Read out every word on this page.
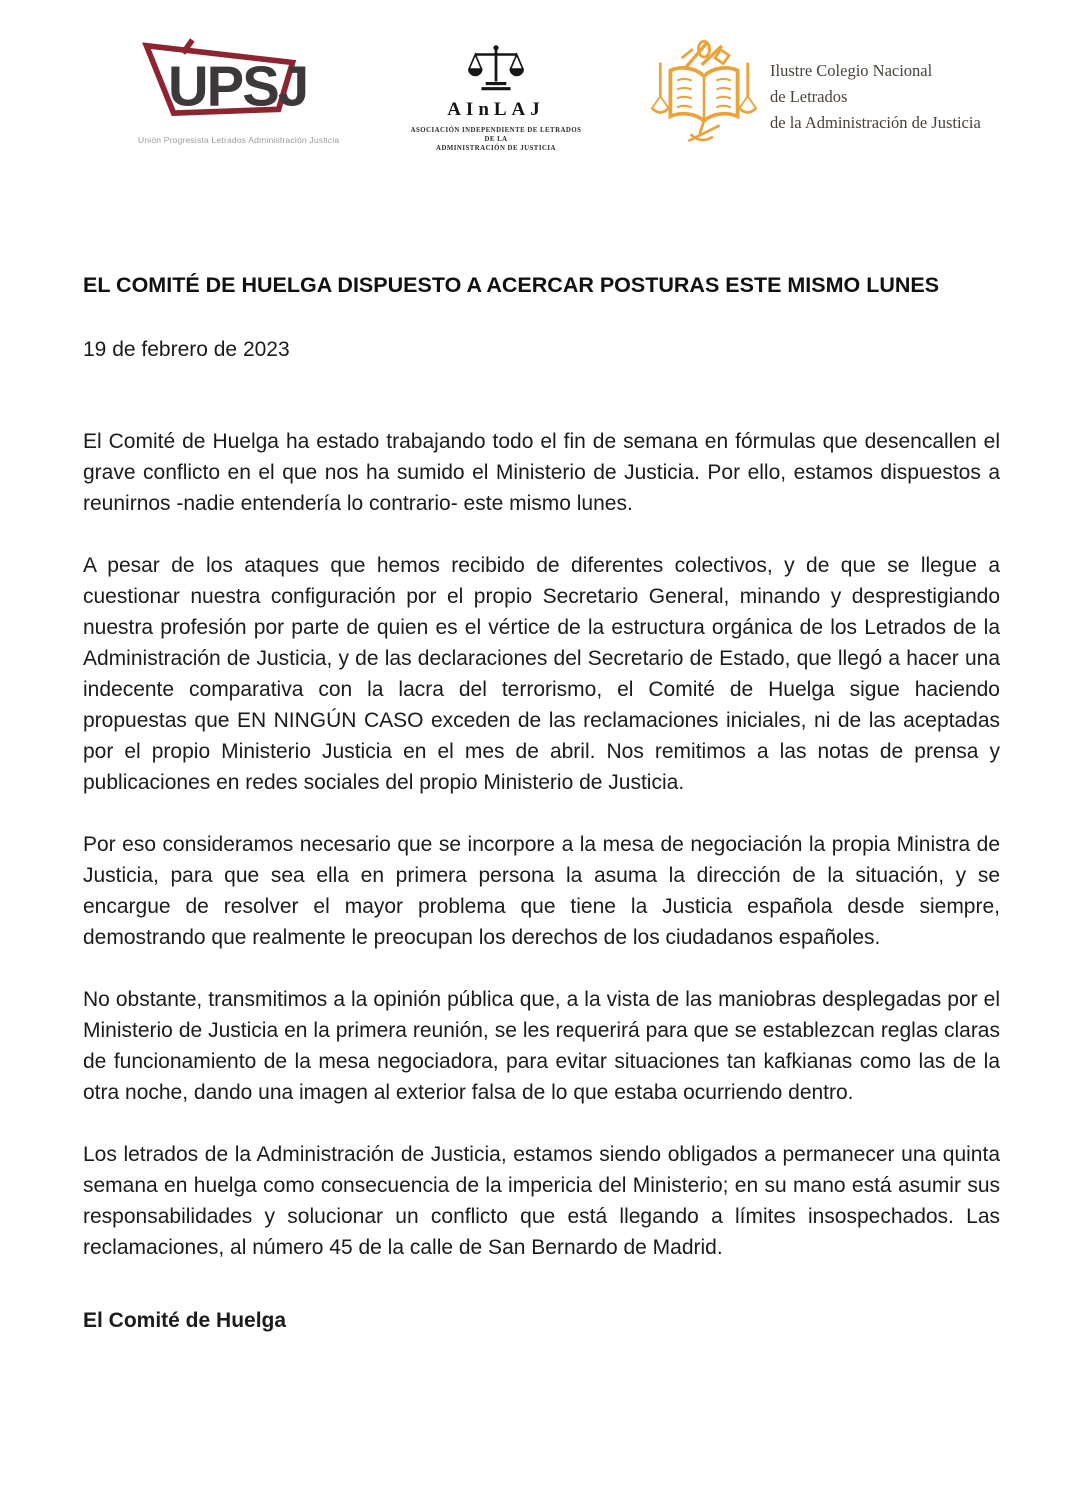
UPSJ
Unión Progresista Letrados Administración Justicia
AInLAJ
ASOCIACIÓN INDEPENDIENTE DE LETRADOS DE LA
ADMINISTRACIÓN DE JUSTICIA
Ilustre Colegio Nacional
de Letrados
de la Administración de Justicia
EL COMITÉ DE HUELGA DISPUESTO A ACERCAR POSTURAS ESTE MISMO LUNES

19 de febrero de 2023

El Comité de Huelga ha estado trabajando todo el fin de semana en fórmulas que desencallen el grave conflicto en el que nos ha sumido el Ministerio de Justicia. Por ello, estamos dispuestos a reunirnos -nadie entendería lo contrario- este mismo lunes.

A pesar de los ataques que hemos recibido de diferentes colectivos, y de que se llegue a cuestionar nuestra configuración por el propio Secretario General, minando y desprestigiando nuestra profesión por parte de quien es el vértice de la estructura orgánica de los Letrados de la Administración de Justicia, y de las declaraciones del Secretario de Estado, que llegó a hacer una indecente comparativa con la lacra del terrorismo, el Comité de Huelga sigue haciendo propuestas que EN NINGÚN CASO exceden de las reclamaciones iniciales, ni de las aceptadas por el propio Ministerio Justicia en el mes de abril. Nos remitimos a las notas de prensa y publicaciones en redes sociales del propio Ministerio de Justicia.

Por eso consideramos necesario que se incorpore a la mesa de negociación la propia Ministra de Justicia, para que sea ella en primera persona la asuma la dirección de la situación, y se encargue de resolver el mayor problema que tiene la Justicia española desde siempre, demostrando que realmente le preocupan los derechos de los ciudadanos españoles.

No obstante, transmitimos a la opinión pública que, a la vista de las maniobras desplegadas por el Ministerio de Justicia en la primera reunión, se les requerirá para que se establezcan reglas claras de funcionamiento de la mesa negociadora, para evitar situaciones tan kafkianas como las de la otra noche, dando una imagen al exterior falsa de lo que estaba ocurriendo dentro.

Los letrados de la Administración de Justicia, estamos siendo obligados a permanecer una quinta semana en huelga como consecuencia de la impericia del Ministerio; en su mano está asumir sus responsabilidades y solucionar un conflicto que está llegando a límites insospechados. Las reclamaciones, al número 45 de la calle de San Bernardo de Madrid.

El Comité de Huelga
